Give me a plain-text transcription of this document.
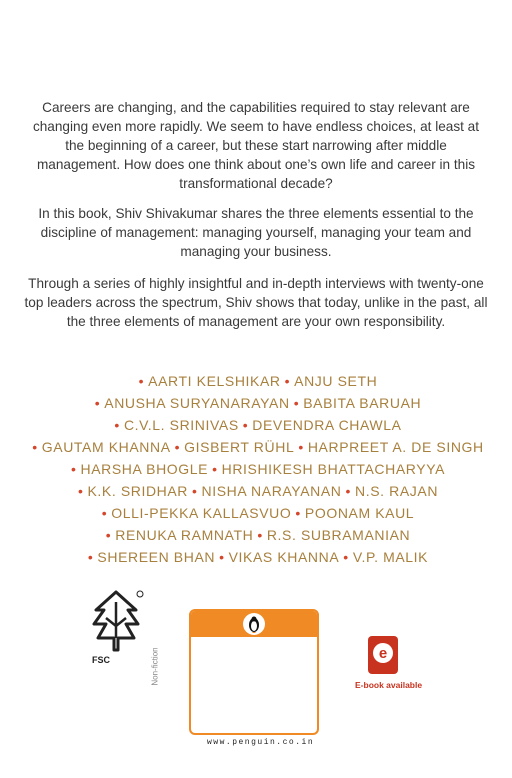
Careers are changing, and the capabilities required to stay relevant are changing even more rapidly. We seem to have endless choices, at least at the beginning of a career, but these start narrowing after middle management. How does one think about one’s own life and career in this transformational decade?

In this book, Shiv Shivakumar shares the three elements essential to the discipline of management: managing yourself, managing your team and managing your business.

Through a series of highly insightful and in-depth interviews with twenty-one top leaders across the spectrum, Shiv shows that today, unlike in the past, all the three elements of management are your own responsibility.

• AARTI KELSHIKAR • ANJU SETH
• ANUSHA SURYANARAYAN • BABITA BARUAH
• C.V.L. SRINIVAS • DEVENDRA CHAWLA
• GAUTAM KHANNA • GISBERT RÜHL • HARPREET A. DE SINGH
• HARSHA BHOGLE • HRISHIKESH BHATTACHARYYA
• K.K. SRIDHAR • NISHA NARAYANAN • N.S. RAJAN
• OLLI-PEKKA KALLASVUO • POONAM KAUL
• RENUKA RAMNATH • R.S. SUBRAMANIAN
• SHEREEN BHAN • VIKAS KHANNA • V.P. MALIK
FSC	Non-fiction
www.penguin.co.in
e
E-book available
